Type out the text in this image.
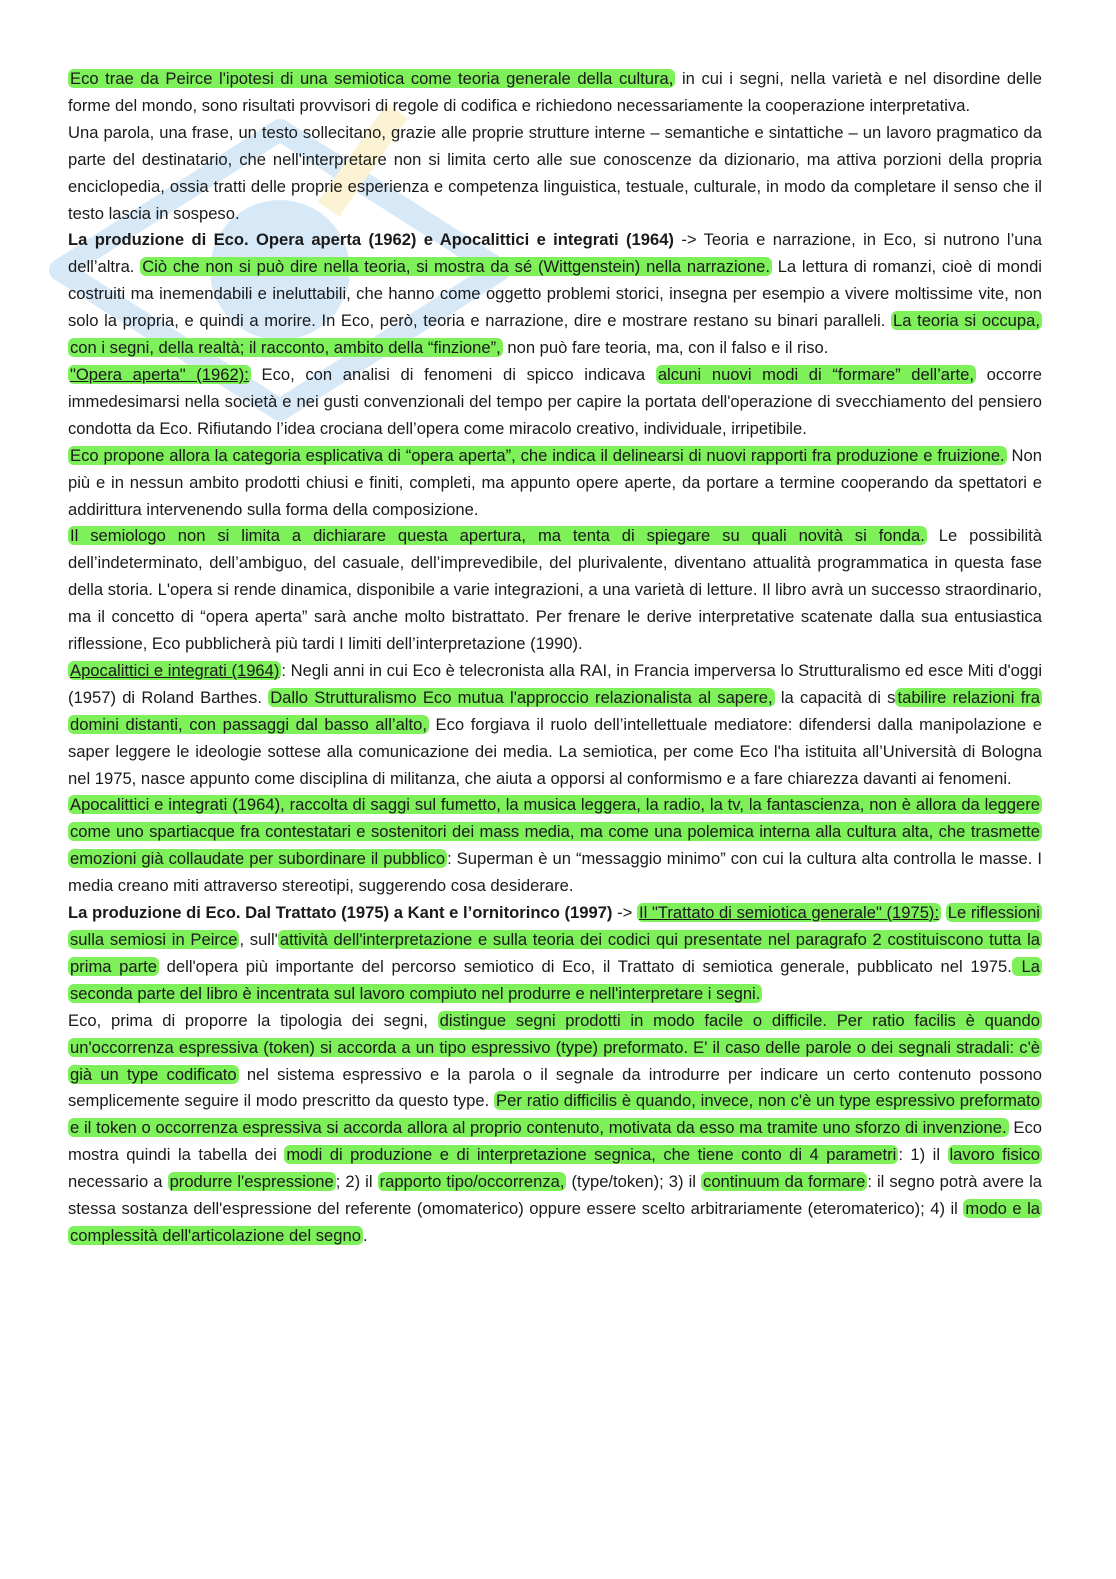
Eco trae da Peirce l'ipotesi di una semiotica come teoria generale della cultura, in cui i segni, nella varietà e nel disordine delle forme del mondo, sono risultati provvisori di regole di codifica e richiedono necessariamente la cooperazione interpretativa.

Una parola, una frase, un testo sollecitano, grazie alle proprie strutture interne – semantiche e sintattiche – un lavoro pragmatico da parte del destinatario, che nell'interpretare non si limita certo alle sue conoscenze da dizionario, ma attiva porzioni della propria enciclopedia, ossia tratti delle proprie esperienza e competenza linguistica, testuale, culturale, in modo da completare il senso che il testo lascia in sospeso.

La produzione di Eco. Opera aperta (1962) e Apocalittici e integrati (1964) -> Teoria e narrazione, in Eco, si nutrono l’una dell’altra. Ciò che non si può dire nella teoria, si mostra da sé (Wittgenstein) nella narrazione. La lettura di romanzi, cioè di mondi costruiti ma inemendabili e ineluttabili, che hanno come oggetto problemi storici, insegna per esempio a vivere moltissime vite, non solo la propria, e quindi a morire. In Eco, però, teoria e narrazione, dire e mostrare restano su binari paralleli. La teoria si occupa, con i segni, della realtà; il racconto, ambito della “finzione”, non può fare teoria, ma, con il falso e il riso.

"Opera aperta" (1962): Eco, con analisi di fenomeni di spicco indicava alcuni nuovi modi di “formare” dell’arte, occorre immedesimarsi nella società e nei gusti convenzionali del tempo per capire la portata dell'operazione di svecchiamento del pensiero condotta da Eco. Rifiutando l’idea crociana dell’opera come miracolo creativo, individuale, irripetibile.

Eco propone allora la categoria esplicativa di “opera aperta”, che indica il delinearsi di nuovi rapporti fra produzione e fruizione. Non più e in nessun ambito prodotti chiusi e finiti, completi, ma appunto opere aperte, da portare a termine cooperando da spettatori e addirittura intervenendo sulla forma della composizione.

Il semiologo non si limita a dichiarare questa apertura, ma tenta di spiegare su quali novità si fonda. Le possibilità dell’indeterminato, dell’ambiguo, del casuale, dell’imprevedibile, del plurivalente, diventano attualità programmatica in questa fase della storia. L'opera si rende dinamica, disponibile a varie integrazioni, a una varietà di letture. Il libro avrà un successo straordinario, ma il concetto di “opera aperta” sarà anche molto bistrattato. Per frenare le derive interpretative scatenate dalla sua entusiastica riflessione, Eco pubblicherà più tardi I limiti dell’interpretazione (1990).

Apocalittici e integrati (1964) : Negli anni in cui Eco è telecronista alla RAI, in Francia imperversa lo Strutturalismo ed esce Miti d'oggi (1957) di Roland Barthes. Dallo Strutturalismo Eco mutua l'approccio relazionalista al sapere, la capacità di s tabilire relazioni fra domini distanti, con passaggi dal basso all’alto, Eco forgiava il ruolo dell’intellettuale mediatore: difendersi dalla manipolazione e saper leggere le ideologie sottese alla comunicazione dei media. La semiotica, per come Eco l'ha istituita all’Università di Bologna nel 1975, nasce appunto come disciplina di militanza, che aiuta a opporsi al conformismo e a fare chiarezza davanti ai fenomeni.

Apocalittici e integrati (1964), raccolta di saggi sul fumetto, la musica leggera, la radio, la tv, la fantascienza, non è allora da leggere come uno spartiacque fra contestatari e sostenitori dei mass media, ma come una polemica interna alla cultura alta, che trasmette emozioni già collaudate per subordinare il pubblico : Superman è un “messaggio minimo” con cui la cultura alta controlla le masse. I media creano miti attraverso stereotipi, suggerendo cosa desiderare.

La produzione di Eco. Dal Trattato (1975) a Kant e l’ornitorinco (1997) -> Il "Trattato di semiotica generale" (1975): Le riflessioni sulla semiosi in Peirce , sull' attività dell'interpretazione e sulla teoria dei codici qui presentate nel paragrafo 2 costituiscono tutta la prima parte dell'opera più importante del percorso semiotico di Eco, il Trattato di semiotica generale, pubblicato nel 1975. La seconda parte del libro è incentrata sul lavoro compiuto nel produrre e nell'interpretare i segni.

Eco, prima di proporre la tipologia dei segni, distingue segni prodotti in modo facile o difficile. Per ratio facilis è quando un'occorrenza espressiva (token) si accorda a un tipo espressivo (type) preformato. E' il caso delle parole o dei segnali stradali: c'è già un type codificato nel sistema espressivo e la parola o il segnale da introdurre per indicare un certo contenuto possono semplicemente seguire il modo prescritto da questo type. Per ratio difficilis è quando, invece, non c'è un type espressivo preformato e il token o occorrenza espressiva si accorda allora al proprio contenuto, motivata da esso ma tramite uno sforzo di invenzione. Eco mostra quindi la tabella dei modi di produzione e di interpretazione segnica, che tiene conto di 4 parametri : 1) il lavoro fisico necessario a produrre l'espressione ; 2) il rapporto tipo/occorrenza, (type/token); 3) il continuum da formare : il segno potrà avere la stessa sostanza dell'espressione del referente (omomaterico) oppure essere scelto arbitrariamente (eteromaterico); 4) il modo e la complessità dell'articolazione del segno .
